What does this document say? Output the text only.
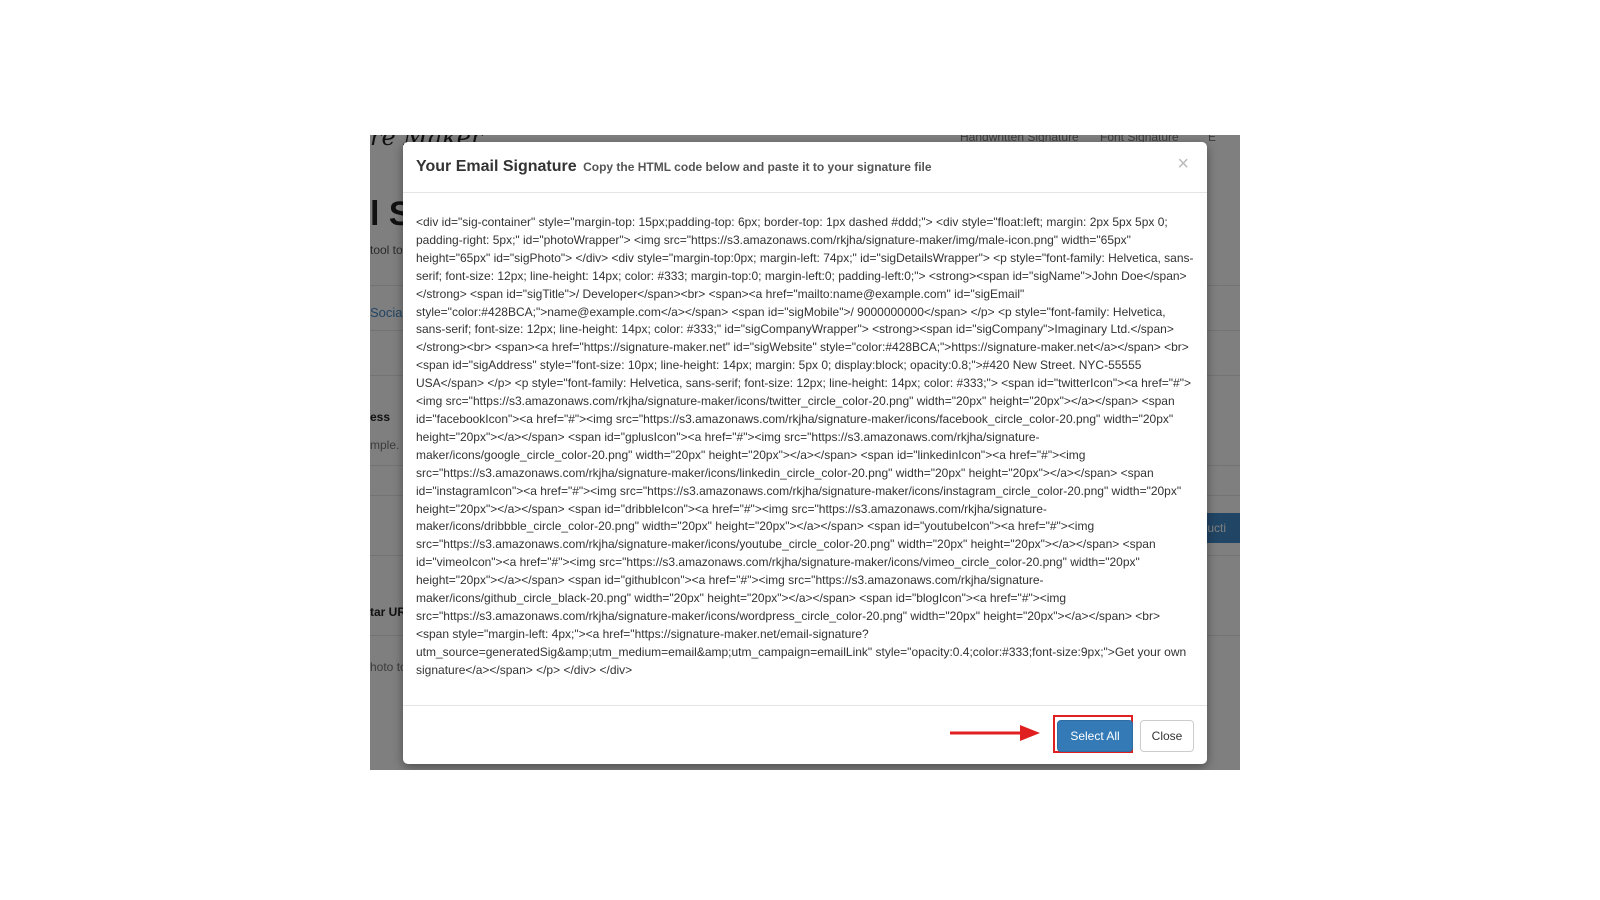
Your Email Signature Copy the HTML code below and paste it to your signature file	×
<div id="sig-container" style="margin-top: 15px;padding-top: 6px; border-top: 1px dashed #ddd;"> <div style="float:left; margin: 2px 5px 5px 0; padding-right: 5px;" id="photoWrapper"> <img src="https://s3.amazonaws.com/rkjha/signature-maker/img/male-icon.png" width="65px" height="65px" id="sigPhoto"> </div> <div style="margin-top:0px; margin-left: 74px;" id="sigDetailsWrapper"> <p style="font-family: Helvetica, sans-serif; font-size: 12px; line-height: 14px; color: #333; margin-top:0; margin-left:0; padding-left:0;"> <strong><span id="sigName">John Doe</span></strong> <span id="sigTitle">/ Developer</span><br> <span><a href="mailto:name@example.com" id="sigEmail" style="color:#428BCA;">name@example.com</a></span> <span id="sigMobile">/ 9000000000</span> </p> <p style="font-family: Helvetica, sans-serif; font-size: 12px; line-height: 14px; color: #333;" id="sigCompanyWrapper"> <strong><span id="sigCompany">Imaginary Ltd.</span></strong><br> <span><a href="https://signature-maker.net" id="sigWebsite" style="color:#428BCA;">https://signature-maker.net</a></span> <br> <span id="sigAddress" style="font-size: 10px; line-height: 14px; margin: 5px 0; display:block; opacity:0.8;">#420 New Street. NYC-55555 USA</span> </p> <p style="font-family: Helvetica, sans-serif; font-size: 12px; line-height: 14px; color: #333;"> <span id="twitterIcon"><a href="#"><img src="https://s3.amazonaws.com/rkjha/signature-maker/icons/twitter_circle_color-20.png" width="20px" height="20px"></a></span> <span id="facebookIcon"><a href="#"><img src="https://s3.amazonaws.com/rkjha/signature-maker/icons/facebook_circle_color-20.png" width="20px" height="20px"></a></span> <span id="gplusIcon"><a href="#"><img src="https://s3.amazonaws.com/rkjha/signature-maker/icons/google_circle_color-20.png" width="20px" height="20px"></a></span> <span id="linkedinIcon"><a href="#"><img src="https://s3.amazonaws.com/rkjha/signature-maker/icons/linkedin_circle_color-20.png" width="20px" height="20px"></a></span> <span id="instagramIcon"><a href="#"><img src="https://s3.amazonaws.com/rkjha/signature-maker/icons/instagram_circle_color-20.png" width="20px" height="20px"></a></span> <span id="dribbleIcon"><a href="#"><img src="https://s3.amazonaws.com/rkjha/signature-maker/icons/dribbble_circle_color-20.png" width="20px" height="20px"></a></span> <span id="youtubeIcon"><a href="#"><img src="https://s3.amazonaws.com/rkjha/signature-maker/icons/youtube_circle_color-20.png" width="20px" height="20px"></a></span> <span id="vimeoIcon"><a href="#"><img src="https://s3.amazonaws.com/rkjha/signature-maker/icons/vimeo_circle_color-20.png" width="20px" height="20px"></a></span> <span id="githubIcon"><a href="#"><img src="https://s3.amazonaws.com/rkjha/signature-maker/icons/github_circle_black-20.png" width="20px" height="20px"></a></span> <span id="blogIcon"><a href="#"><img src="https://s3.amazonaws.com/rkjha/signature-maker/icons/wordpress_circle_color-20.png" width="20px" height="20px"></a></span> <br> <span style="margin-left: 4px;"><a href="https://signature-maker.net/email-signature?utm_source=generatedSig&amp;utm_medium=email&amp;utm_campaign=emailLink" style="opacity:0.4;color:#333;font-size:9px;">Get your own signature</a></span> </p> </div> </div>
Select All	Close
